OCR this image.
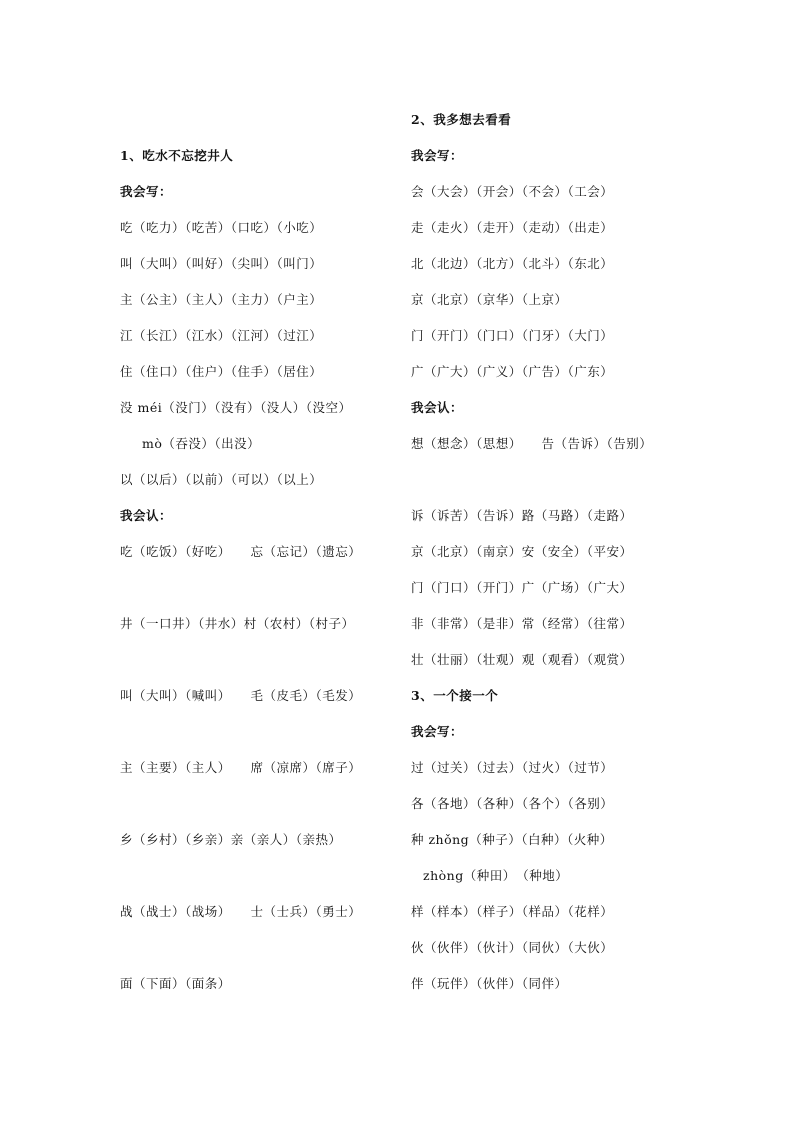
1、吃水不忘挖井人
我会写：
吃（吃力）（吃苦）（口吃）（小吃）
叫（大叫）（叫好）（尖叫）（叫门）
主（公主）（主人）（主力）（户主）
江（长江）（江水）（江河）（过江）
住（住口）（住户）（住手）（居住）
没 méi（没门）（没有）（没人）（没空）
mò（吞没）（出没）
以（以后）（以前）（可以）（以上）
我会认：
吃（吃饭）（好吃）　　忘（忘记）（遗忘）
井（一口井）（井水）村（农村）（村子）
叫（大叫）（喊叫）　　毛（皮毛）（毛发）
主（主要）（主人）　　席（凉席）（席子）
乡（乡村）（乡亲）亲（亲人）（亲热）
战（战士）（战场）　　士（士兵）（勇士）
面（下面）（面条）
2、我多想去看看
我会写：
会（大会）（开会）（不会）（工会）
走（走火）（走开）（走动）（出走）
北（北边）（北方）（北斗）（东北）
京（北京）（京华）（上京）
门（开门）（门口）（门牙）（大门）
广（广大）（广义）（广告）（广东）
我会认：
想（想念）（思想）　　告（告诉）（告别）
诉（诉苦）（告诉）路（马路）（走路）
京（北京）（南京）安（安全）（平安）
门（门口）（开门）广（广场）（广大）
非（非常）（是非）常（经常）（往常）
壮（壮丽）（壮观）观（观看）（观赏）
3、一个接一个
我会写：
过（过关）（过去）（过火）（过节）
各（各地）（各种）（各个）（各别）
种 zhǒng（种子）（白种）（火种）
zhòng（种田）　（种地）
样（样本）（样子）（样品）（花样）
伙（伙伴）（伙计）（同伙）（大伙）
伴（玩伴）（伙伴）（同伴）
